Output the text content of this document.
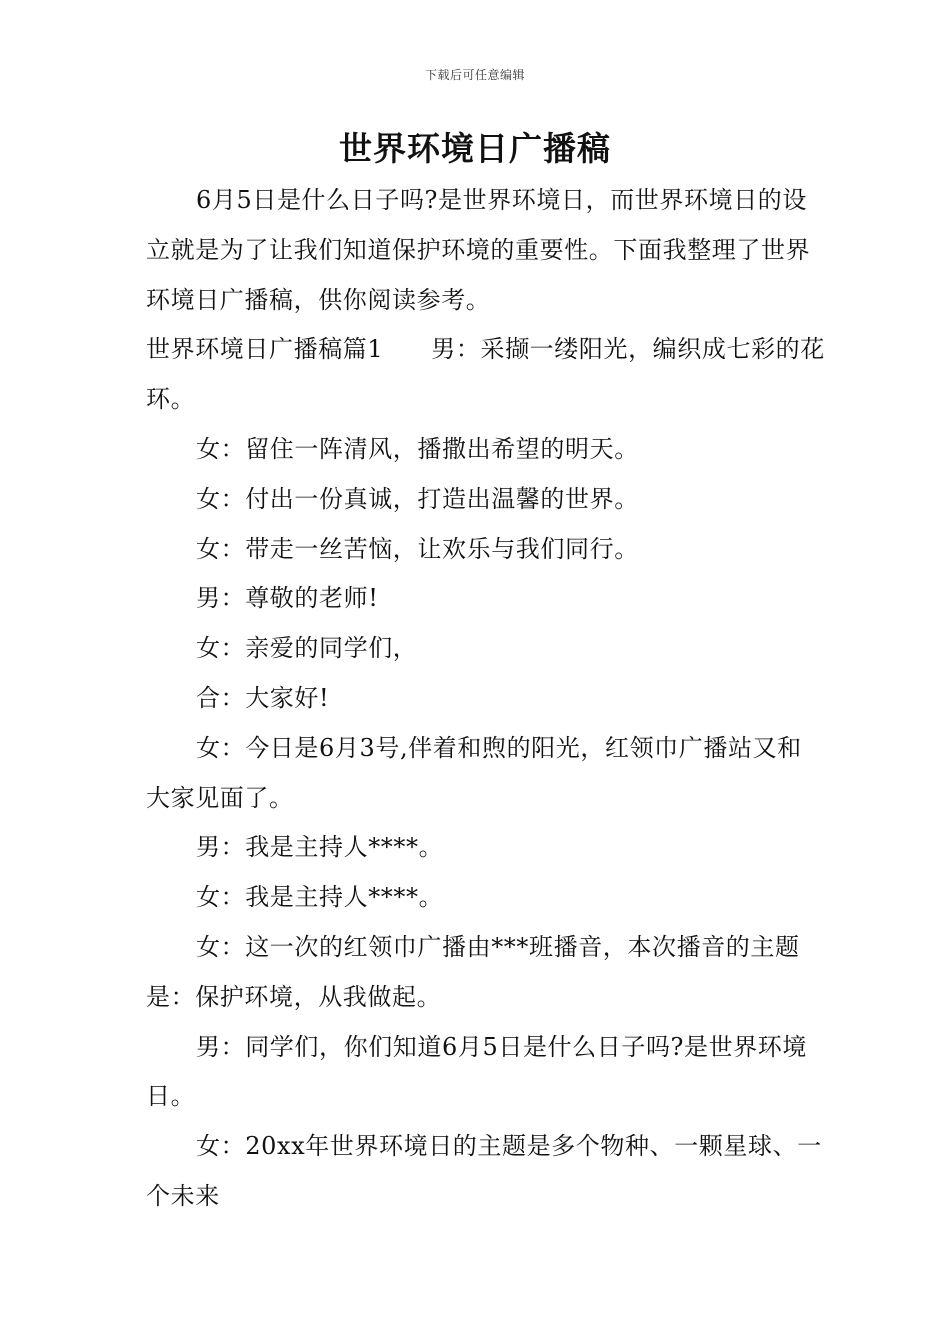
下载后可任意编辑
世界环境日广播稿

6月5日是什么日子吗?是世界环境日，而世界环境日的设立就是为了让我们知道保护环境的重要性。下面我整理了世界环境日广播稿，供你阅读参考。

世界环境日广播稿篇1 男：采撷一缕阳光，编织成七彩的花环。

女：留住一阵清风，播撒出希望的明天。

女：付出一份真诚，打造出温馨的世界。

女：带走一丝苦恼，让欢乐与我们同行。

男：尊敬的老师!

女：亲爱的同学们，

合：大家好!

女：今日是6月3号,伴着和煦的阳光，红领巾广播站又和大家见面了。

男：我是主持人****。

女：我是主持人****。

女：这一次的红领巾广播由***班播音，本次播音的主题是：保护环境，从我做起。

男：同学们，你们知道6月5日是什么日子吗?是世界环境日。

女：20xx年世界环境日的主题是多个物种、一颗星球、一个未来
